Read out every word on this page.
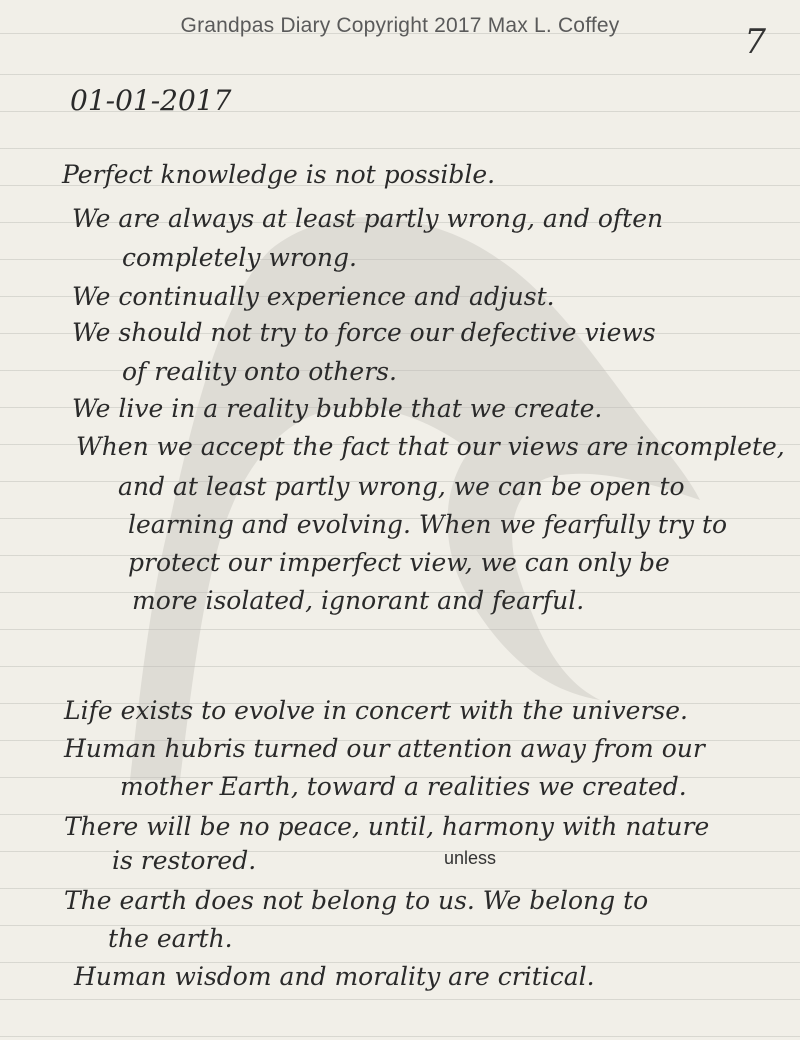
Grandpas Diary Copyright 2017 Max L. Coffey	7
01-01-2017
Perfect knowledge is not possible.
We are always at least partly wrong, and often
completely wrong.
We continually experience and adjust.
We should not try to force our defective views
of reality onto others.
We live in a reality bubble that we create.
When we accept the fact that our views are incomplete,
and at least partly wrong, we can be open to
learning and evolving. When we fearfully try to
protect our imperfect view, we can only be
more isolated, ignorant and fearful.
Life exists to evolve in concert with the universe.
Human hubris turned our attention away from our
mother Earth, toward a realities we created.
There will be no peace, until, harmony with nature
unless
is restored.
The earth does not belong to us. We belong to
the earth.
Human wisdom and morality are critical.
